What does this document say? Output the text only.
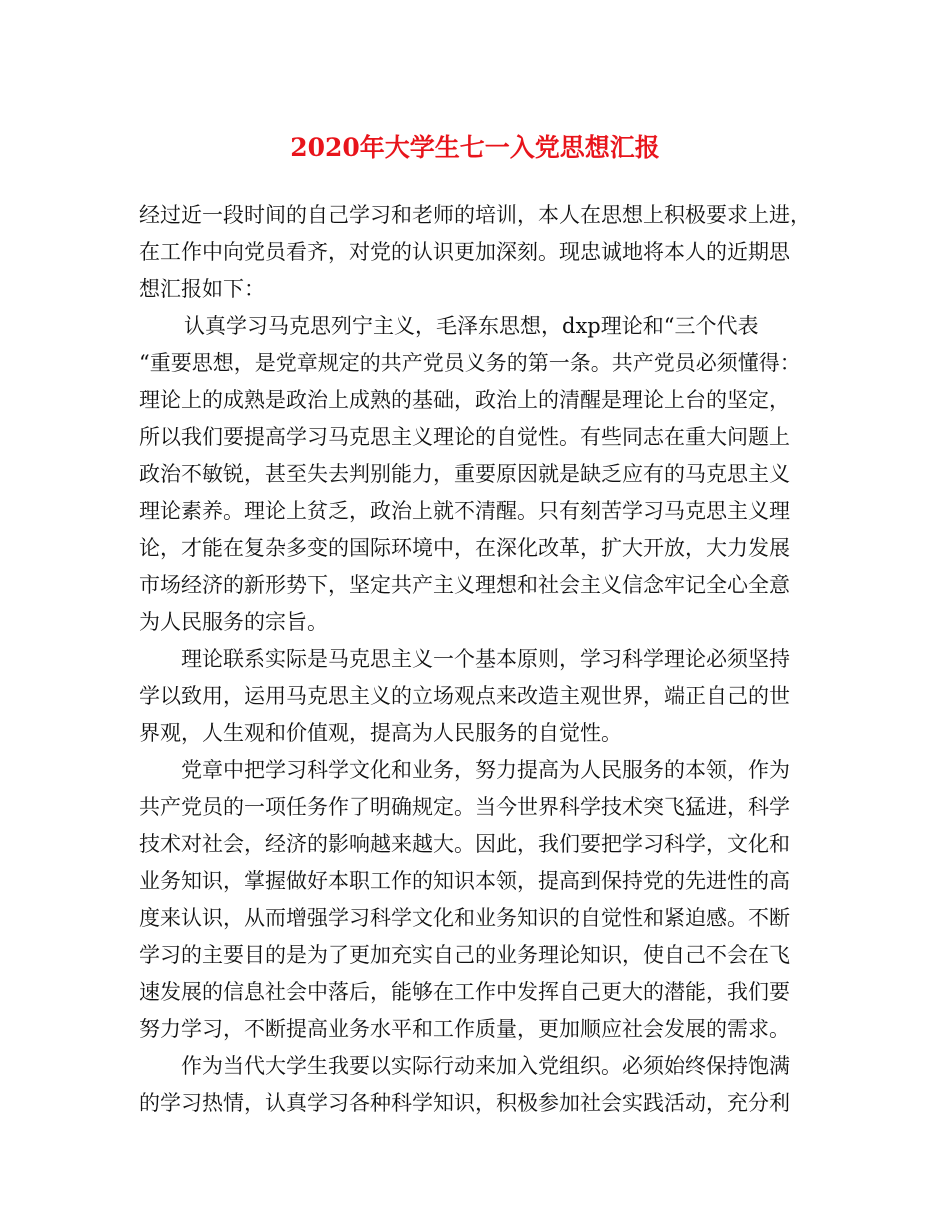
2020年大学生七一入党思想汇报
经过近一段时间的自己学习和老师的培训，本人在思想上积极要求上进，
在工作中向党员看齐，对党的认识更加深刻。现忠诚地将本人的近期思
想汇报如下：
认真学习马克思列宁主义，毛泽东思想，dxp理论和“三个代表
“重要思想，是党章规定的共产党员义务的第一条。共产党员必须懂得：
理论上的成熟是政治上成熟的基础，政治上的清醒是理论上台的坚定，
所以我们要提高学习马克思主义理论的自觉性。有些同志在重大问题上
政治不敏锐，甚至失去判别能力，重要原因就是缺乏应有的马克思主义
理论素养。理论上贫乏，政治上就不清醒。只有刻苦学习马克思主义理
论，才能在复杂多变的国际环境中，在深化改革，扩大开放，大力发展
市场经济的新形势下，坚定共产主义理想和社会主义信念牢记全心全意
为人民服务的宗旨。
理论联系实际是马克思主义一个基本原则，学习科学理论必须坚持
学以致用，运用马克思主义的立场观点来改造主观世界，端正自己的世
界观，人生观和价值观，提高为人民服务的自觉性。
党章中把学习科学文化和业务，努力提高为人民服务的本领，作为
共产党员的一项任务作了明确规定。当今世界科学技术突飞猛进，科学
技术对社会，经济的影响越来越大。因此，我们要把学习科学，文化和
业务知识，掌握做好本职工作的知识本领，提高到保持党的先进性的高
度来认识，从而增强学习科学文化和业务知识的自觉性和紧迫感。不断
学习的主要目的是为了更加充实自己的业务理论知识，使自己不会在飞
速发展的信息社会中落后，能够在工作中发挥自己更大的潜能，我们要
努力学习，不断提高业务水平和工作质量，更加顺应社会发展的需求。
作为当代大学生我要以实际行动来加入党组织。必须始终保持饱满
的学习热情，认真学习各种科学知识，积极参加社会实践活动，充分利
